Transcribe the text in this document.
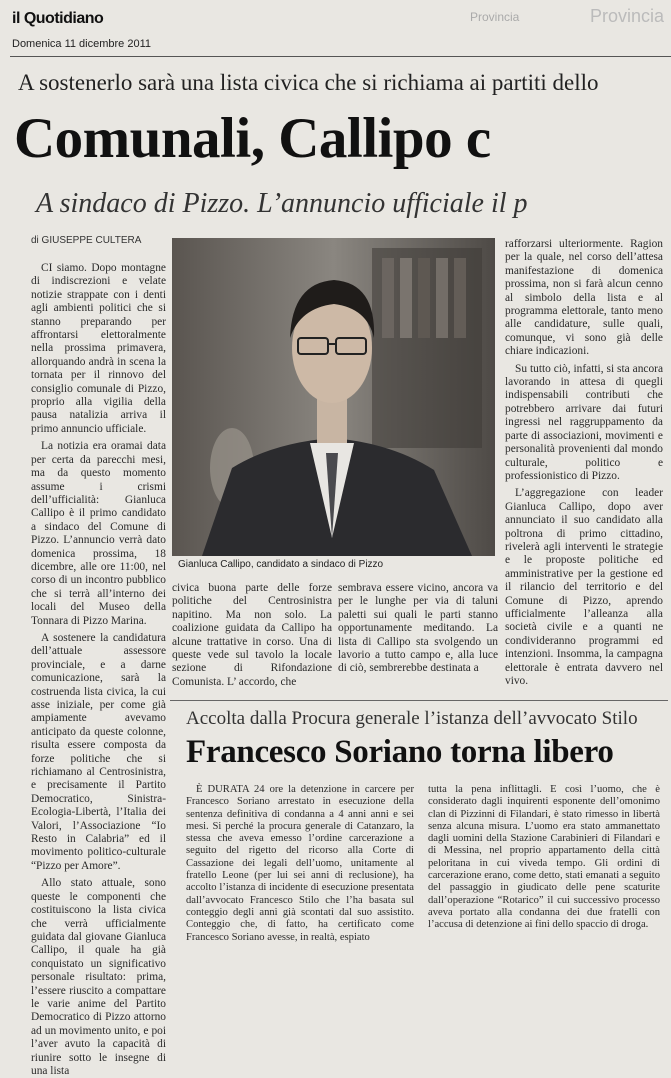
il Quotidiano
Domenica 11 dicembre 2011
Provincia	Provincia
A sostenerlo sarà una lista civica che si richiama ai partiti dello
Comunali, Callipo c
A sindaco di Pizzo. L’annuncio ufficiale il p
di GIUSEPPE CULTERA

CI siamo. Dopo montagne di indiscrezioni e velate notizie strappate con i denti agli ambienti politici che si stanno preparando per affrontarsi elettoralmente nella prossima primavera, allorquando andrà in scena la tornata per il rinnovo del consiglio comunale di Pizzo, proprio alla vigilia della pausa natalizia arriva il primo annuncio ufficiale.

La notizia era oramai data per certa da parecchi mesi, ma da questo momento assume i crismi dell’ufficialità: Gianluca Callipo è il primo candidato a sindaco del Comune di Pizzo. L’annuncio verrà dato domenica prossima, 18 dicembre, alle ore 11:00, nel corso di un incontro pubblico che si terrà all’interno dei locali del Museo della Tonnara di Pizzo Marina.

A sostenere la candidatura dell’attuale assessore provinciale, e a darne comunicazione, sarà la costruenda lista civica, la cui asse iniziale, per come già ampiamente avevamo anticipato da queste colonne, risulta essere composta da forze politiche che si richiamano al Centrosinistra, e precisamente il Partito Democratico, Sinistra-Ecologia-Libertà, l’Italia dei Valori, l’Associazione “Io Resto in Calabria” ed il movimento politico-culturale “Pizzo per Amore”.

Allo stato attuale, sono queste le componenti che costituiscono la lista civica che verrà ufficialmente guidata dal giovane Gianluca Callipo, il quale ha già conquistato un significativo personale risultato: prima, l’essere riuscito a compattare le varie anime del Partito Democratico di Pizzo attorno ad un movimento unito, e poi l’aver avuto la capacità di riunire sotto le insegne di una lista

Gianluca Callipo, candidato a sindaco di Pizzo

civica buona parte delle forze politiche del Centrosinistra napitino. Ma non solo. La coalizione guidata da Callipo ha alcune trattative in corso. Una di queste vede sul tavolo la locale sezione di Rifondazione Comunista. L’ accordo, che

sembrava essere vicino, ancora va per le lunghe per via di taluni paletti sui quali le parti stanno opportunamente meditando. La lista di Callipo sta svolgendo un lavorio a tutto campo e, alla luce di ciò, sembrerebbe destinata a

rafforzarsi ulteriormente. Ragion per la quale, nel corso dell’attesa manifestazione di domenica prossima, non si farà alcun cenno al simbolo della lista e al programma elettorale, tanto meno alle candidature, sulle quali, comunque, vi sono già delle chiare indicazioni.

Su tutto ciò, infatti, si sta ancora lavorando in attesa di quegli indispensabili contributi che potrebbero arrivare dai futuri ingressi nel raggruppamento da parte di associazioni, movimenti e personalità provenienti dal mondo culturale, politico e professionistico di Pizzo.

L’aggregazione con leader Gianluca Callipo, dopo aver annunciato il suo candidato alla poltrona di primo cittadino, rivelerà agli interventi le strategie e le proposte politiche ed amministrative per la gestione ed il rilancio del territorio e del Comune di Pizzo, aprendo ufficialmente l’alleanza alla società civile e a quanti ne condivideranno programmi ed intenzioni. Insomma, la campagna elettorale è entrata davvero nel vivo.

Accolta dalla Procura generale l’istanza dell’avvocato Stilo
Francesco Soriano torna libero

È DURATA 24 ore la detenzione in carcere per Francesco Soriano arrestato in esecuzione della sentenza definitiva di condanna a 4 anni anni e sei mesi. Si perché la procura generale di Catanzaro, la stessa che aveva emesso l’ordine carcerazione a seguito del rigetto del ricorso alla Corte di Cassazione dei legali dell’uomo, unitamente al fratello Leone (per lui sei anni di reclusione), ha accolto l’istanza di incidente di esecuzione presentata dall’avvocato Francesco Stilo che l’ha basata sul conteggio degli anni già scontati dal suo assistito. Conteggio che, di fatto, ha certificato come Francesco Soriano avesse, in realtà, espiato

tutta la pena inflittagli. E così l’uomo, che è considerato dagli inquirenti esponente dell’omonimo clan di Pizzinni di Filandari, è stato rimesso in libertà senza alcuna misura. L’uomo era stato ammanettato dagli uomini della Stazione Carabinieri di Filandari e di Messina, nel proprio appartamento della città peloritana in cui viveda tempo. Gli ordini di carcerazione erano, come detto, stati emanati a seguito del passaggio in giudicato delle pene scaturite dall’operazione “Rotarico” il cui successivo processo aveva portato alla condanna dei due fratelli con l’accusa di detenzione ai fini dello spaccio di droga.
